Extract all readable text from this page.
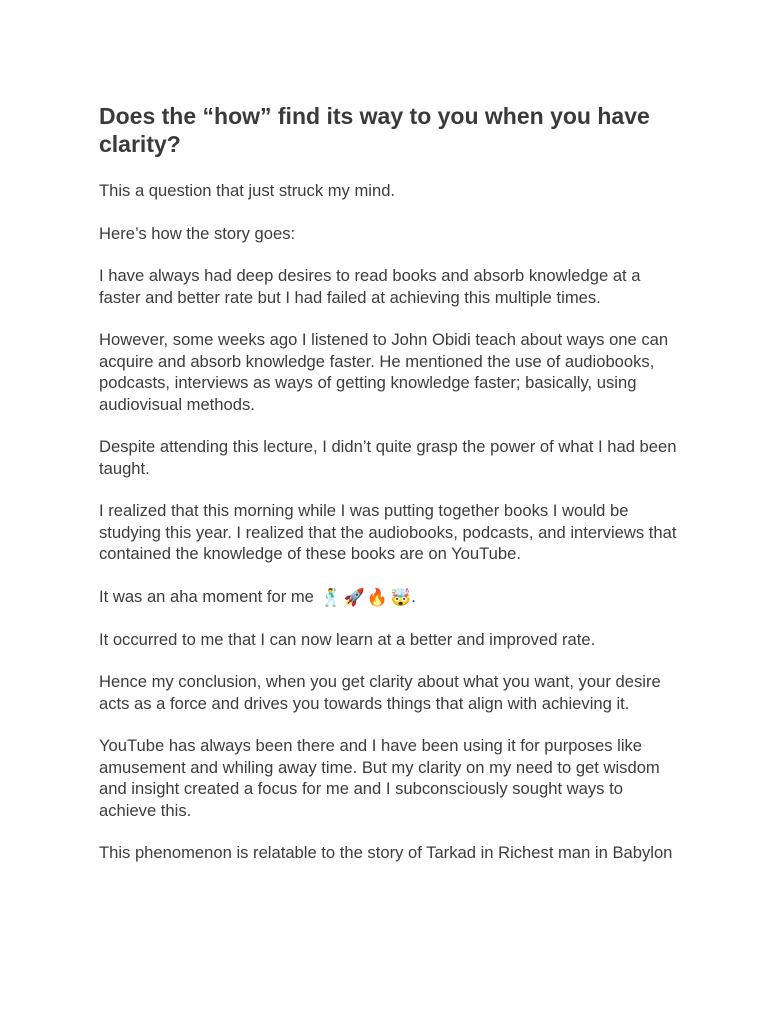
Does the “how” find its way to you when you have clarity?

This a question that just struck my mind.

Here’s how the story goes:

I have always had deep desires to read books and absorb knowledge at a faster and better rate but I had failed at achieving this multiple times.

However, some weeks ago I listened to John Obidi teach about ways one can acquire and absorb knowledge faster. He mentioned the use of audiobooks, podcasts, interviews as ways of getting knowledge faster; basically, using audiovisual methods.

Despite attending this lecture, I didn’t quite grasp the power of what I had been taught.

I realized that this morning while I was putting together books I would be studying this year. I realized that the audiobooks, podcasts, and interviews that contained the knowledge of these books are on YouTube.

It was an aha moment for me 🕺 🚀 🔥 🤯.

It occurred to me that I can now learn at a better and improved rate.

Hence my conclusion, when you get clarity about what you want, your desire acts as a force and drives you towards things that align with achieving it.

YouTube has always been there and I have been using it for purposes like amusement and whiling away time. But my clarity on my need to get wisdom and insight created a focus for me and I subconsciously sought ways to achieve this.

This phenomenon is relatable to the story of Tarkad in Richest man in Babylon
